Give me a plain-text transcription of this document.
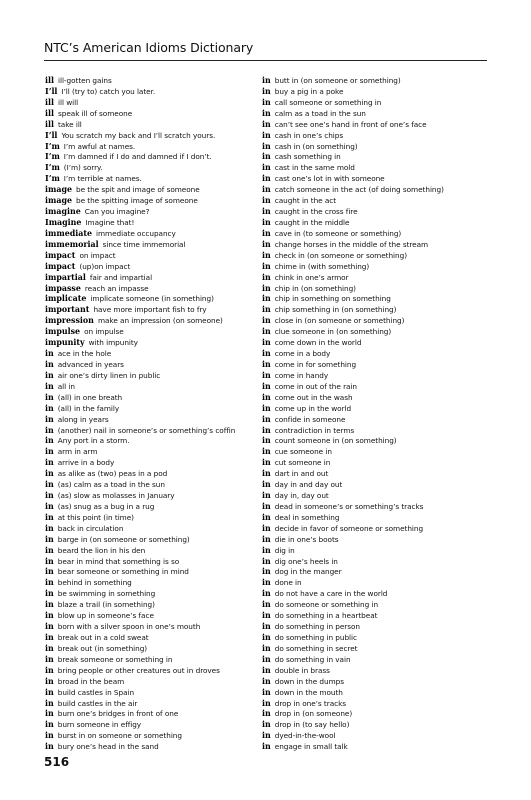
NTC’s American Idioms Dictionary
ill ill-gotten gains
I’ll I’ll (try to) catch you later.
ill ill will
ill speak ill of someone
ill take ill
I’ll You scratch my back and I’ll scratch yours.
I’m I’m awful at names.
I’m I’m damned if I do and damned if I don’t.
I’m (I’m) sorry.
I’m I’m terrible at names.
image be the spit and image of someone
image be the spitting image of someone
imagine Can you imagine?
Imagine Imagine that!
immediate immediate occupancy
immemorial since time immemorial
impact on impact
impact (up)on impact
impartial fair and impartial
impasse reach an impasse
implicate implicate someone (in something)
important have more important fish to fry
impression make an impression (on someone)
impulse on impulse
impunity with impunity
in ace in the hole
in advanced in years
in air one’s dirty linen in public
in all in
in (all) in one breath
in (all) in the family
in along in years
in (another) nail in someone’s or something’s coffin
in Any port in a storm.
in arm in arm
in arrive in a body
in as alike as (two) peas in a pod
in (as) calm as a toad in the sun
in (as) slow as molasses in January
in (as) snug as a bug in a rug
in at this point (in time)
in back in circulation
in barge in (on someone or something)
in beard the lion in his den
in bear in mind that something is so
in bear someone or something in mind
in behind in something
in be swimming in something
in blaze a trail (in something)
in blow up in someone’s face
in born with a silver spoon in one’s mouth
in break out in a cold sweat
in break out (in something)
in break someone or something in
in bring people or other creatures out in droves
in broad in the beam
in build castles in Spain
in build castles in the air
in burn one’s bridges in front of one
in burn someone in effigy
in burst in on someone or something
in bury one’s head in the sand
in butt in (on someone or something)
in buy a pig in a poke
in call someone or something in
in calm as a toad in the sun
in can’t see one’s hand in front of one’s face
in cash in one’s chips
in cash in (on something)
in cash something in
in cast in the same mold
in cast one’s lot in with someone
in catch someone in the act (of doing something)
in caught in the act
in caught in the cross fire
in caught in the middle
in cave in (to someone or something)
in change horses in the middle of the stream
in check in (on someone or something)
in chime in (with something)
in chink in one’s armor
in chip in (on something)
in chip in something on something
in chip something in (on something)
in close in (on someone or something)
in clue someone in (on something)
in come down in the world
in come in a body
in come in for something
in come in handy
in come in out of the rain
in come out in the wash
in come up in the world
in confide in someone
in contradiction in terms
in count someone in (on something)
in cue someone in
in cut someone in
in dart in and out
in day in and day out
in day in, day out
in dead in someone’s or something’s tracks
in deal in something
in decide in favor of someone or something
in die in one’s boots
in dig in
in dig one’s heels in
in dog in the manger
in done in
in do not have a care in the world
in do someone or something in
in do something in a heartbeat
in do something in person
in do something in public
in do something in secret
in do something in vain
in double in brass
in down in the dumps
in down in the mouth
in drop in one’s tracks
in drop in (on someone)
in drop in (to say hello)
in dyed-in-the-wool
in engage in small talk
516
